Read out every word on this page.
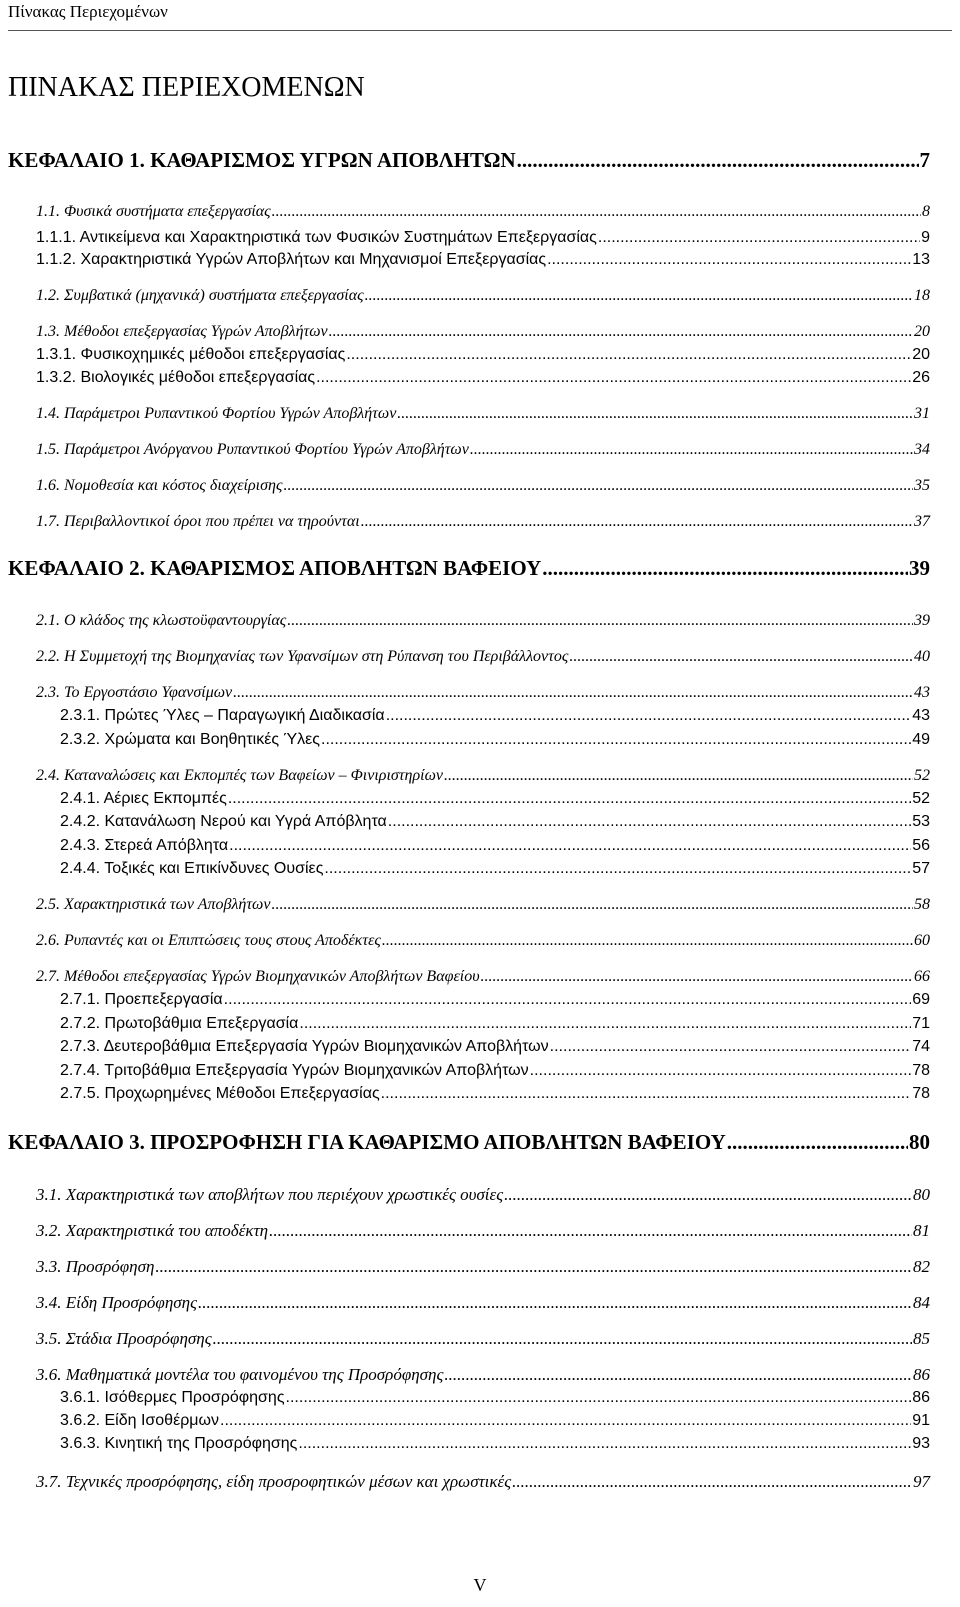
Πίνακας Περιεχομένων
ΠΙΝΑΚΑΣ ΠΕΡΙΕΧΟΜΕΝΩΝ
ΚΕΦΑΛΑΙΟ 1. ΚΑΘΑΡΙΣΜΟΣ ΥΓΡΩΝ ΑΠΟΒΛΗΤΩΝ .....	7
1.1. Φυσικά συστήματα επεξεργασίας .....	8
1.1.1. Αντικείμενα και Χαρακτηριστικά των Φυσικών Συστημάτων Επεξεργασίας .....	9
1.1.2. Χαρακτηριστικά Υγρών Αποβλήτων και Μηχανισμοί Επεξεργασίας .....	13
1.2. Συμβατικά (μηχανικά) συστήματα επεξεργασίας .....	18
1.3. Μέθοδοι επεξεργασίας Υγρών Αποβλήτων .....	20
1.3.1. Φυσικοχημικές μέθοδοι επεξεργασίας .....	20
1.3.2. Βιολογικές μέθοδοι επεξεργασίας .....	26
1.4. Παράμετροι Ρυπαντικού Φορτίου Υγρών Αποβλήτων .....	31
1.5. Παράμετροι Ανόργανου Ρυπαντικού Φορτίου Υγρών Αποβλήτων .....	34
1.6. Νομοθεσία και κόστος διαχείρισης .....	35
1.7. Περιβαλλοντικοί όροι που πρέπει να τηρούνται .....	37
ΚΕΦΑΛΑΙΟ 2. ΚΑΘΑΡΙΣΜΟΣ ΑΠΟΒΛΗΤΩΝ ΒΑΦΕΙΟΥ .....	39
2.1. Ο κλάδος της κλωστοϋφαντουργίας .....	39
2.2. Η Συμμετοχή της Βιομηχανίας των Υφανσίμων στη Ρύπανση του Περιβάλλοντος .....	40
2.3. Το Εργοστάσιο Υφανσίμων .....	43
2.3.1. Πρώτες Ύλες – Παραγωγική Διαδικασία .....	43
2.3.2. Χρώματα και Βοηθητικές Ύλες .....	49
2.4. Καταναλώσεις και Εκπομπές των Βαφείων – Φινιριστηρίων .....	52
2.4.1. Αέριες Εκπομπές .....	52
2.4.2. Κατανάλωση Νερού και Υγρά Απόβλητα .....	53
2.4.3. Στερεά Απόβλητα .....	56
2.4.4. Τοξικές και Επικίνδυνες Ουσίες .....	57
2.5. Χαρακτηριστικά των Αποβλήτων .....	58
2.6. Ρυπαντές και οι Επιπτώσεις τους στους Αποδέκτες .....	60
2.7. Μέθοδοι επεξεργασίας Υγρών Βιομηχανικών Αποβλήτων Βαφείου .....	66
2.7.1. Προεπεξεργασία .....	69
2.7.2. Πρωτοβάθμια Επεξεργασία .....	71
2.7.3. Δευτεροβάθμια Επεξεργασία Υγρών Βιομηχανικών Αποβλήτων .....	74
2.7.4. Τριτοβάθμια Επεξεργασία Υγρών Βιομηχανικών Αποβλήτων .....	78
2.7.5. Προχωρημένες Μέθοδοι Επεξεργασίας .....	78
ΚΕΦΑΛΑΙΟ 3. ΠΡΟΣΡΟΦΗΣΗ ΓΙΑ ΚΑΘΑΡΙΣΜΟ ΑΠΟΒΛΗΤΩΝ ΒΑΦΕΙΟΥ .....	80
3.1. Χαρακτηριστικά των αποβλήτων που περιέχουν χρωστικές ουσίες .....	80
3.2. Χαρακτηριστικά του αποδέκτη .....	81
3.3. Προσρόφηση .....	82
3.4. Είδη Προσρόφησης .....	84
3.5. Στάδια Προσρόφησης .....	85
3.6. Μαθηματικά μοντέλα του φαινομένου της Προσρόφησης .....	86
3.6.1. Ισόθερμες Προσρόφησης .....	86
3.6.2. Είδη Ισοθέρμων .....	91
3.6.3. Κινητική της Προσρόφησης .....	93
3.7. Τεχνικές προσρόφησης, είδη προσροφητικών μέσων και χρωστικές .....	97
V
